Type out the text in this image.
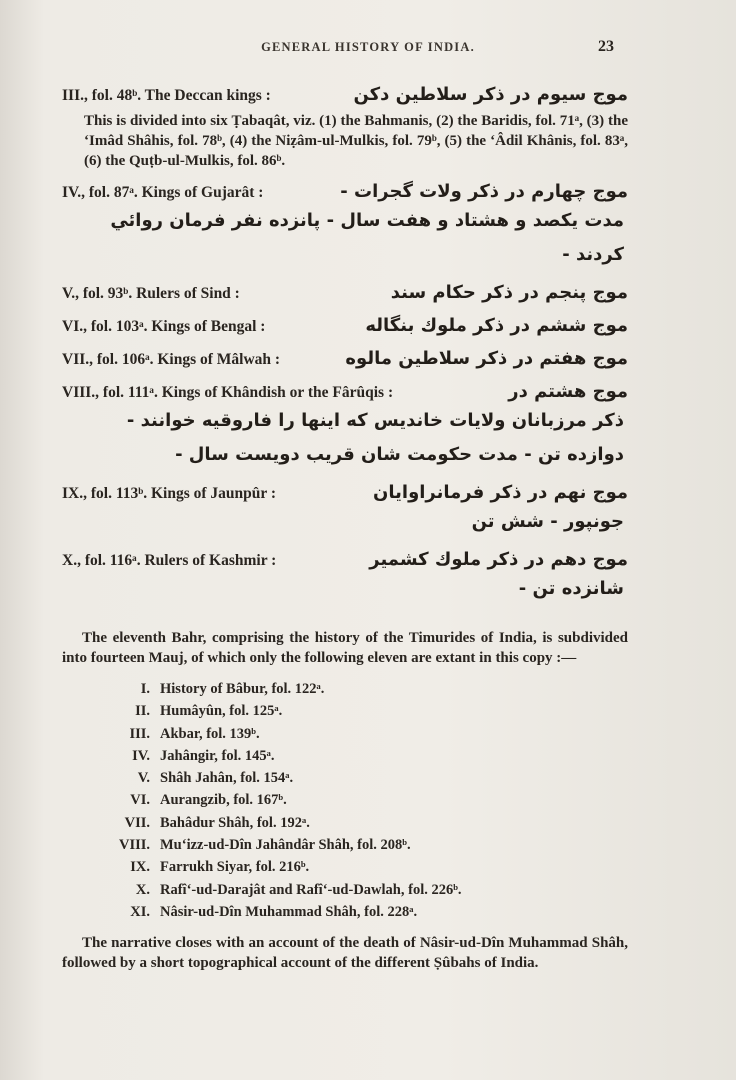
GENERAL HISTORY OF INDIA.	23
III., fol. 48ᵇ. The Deccan kings :	موج سیوم در ذکر سلاطین دکن
This is divided into six Ṭabaqât, viz. (1) the Bahmanis, (2) the Baridis, fol. 71ᵃ, (3) the ‘Imâd Shâhis, fol. 78ᵇ, (4) the Niẓâm-ul-Mulkis, fol. 79ᵇ, (5) the ‘Âdil Khânis, fol. 83ᵃ, (6) the Quṭb-ul-Mulkis, fol. 86ᵇ.
IV., fol. 87ᵃ. Kings of Gujarât :	موج چهارم در ذکر ولات گجرات -
مدت یکصد و هشتاد و هفت سال - پانزده نفر فرمان روائي
کردند -
V., fol. 93ᵇ. Rulers of Sind :	موج پنجم در ذکر حکام سند
VI., fol. 103ᵃ. Kings of Bengal :	موج ششم در ذکر ملوك بنگاله
VII., fol. 106ᵃ. Kings of Mâlwah :	موج هفتم در ذکر سلاطین مالوه
VIII., fol. 111ᵃ. Kings of Khândish or the Fârûqis :	موج هشتم در
ذکر مرزبانان ولایات خاندیس که اینها را فاروقیه خوانند -
دوازده تن - مدت حکومت شان قریب دویست سال -
IX., fol. 113ᵇ. Kings of Jaunpûr :	موج نهم در ذکر فرمانراوایان
جونپور - شش تن
X., fol. 116ᵃ. Rulers of Kashmir :	موج دهم در ذکر ملوك کشمیر
شانزده تن -
The eleventh Bahr, comprising the history of the Timurides of India, is subdivided into fourteen Mauj, of which only the following eleven are extant in this copy :—
I. History of Bâbur, fol. 122ᵃ.
II. Humâyûn, fol. 125ᵃ.
III. Akbar, fol. 139ᵇ.
IV. Jahângir, fol. 145ᵃ.
V. Shâh Jahân, fol. 154ᵃ.
VI. Aurangzib, fol. 167ᵇ.
VII. Bahâdur Shâh, fol. 192ᵃ.
VIII. Mu‘izz-ud-Dîn Jahândâr Shâh, fol. 208ᵇ.
IX. Farrukh Siyar, fol. 216ᵇ.
X. Rafî‘-ud-Darajât and Rafî‘-ud-Dawlah, fol. 226ᵇ.
XI. Nâsir-ud-Dîn Muhammad Shâh, fol. 228ᵃ.
The narrative closes with an account of the death of Nâsir-ud-Dîn Muhammad Shâh, followed by a short topographical account of the different Ṣûbahs of India.
